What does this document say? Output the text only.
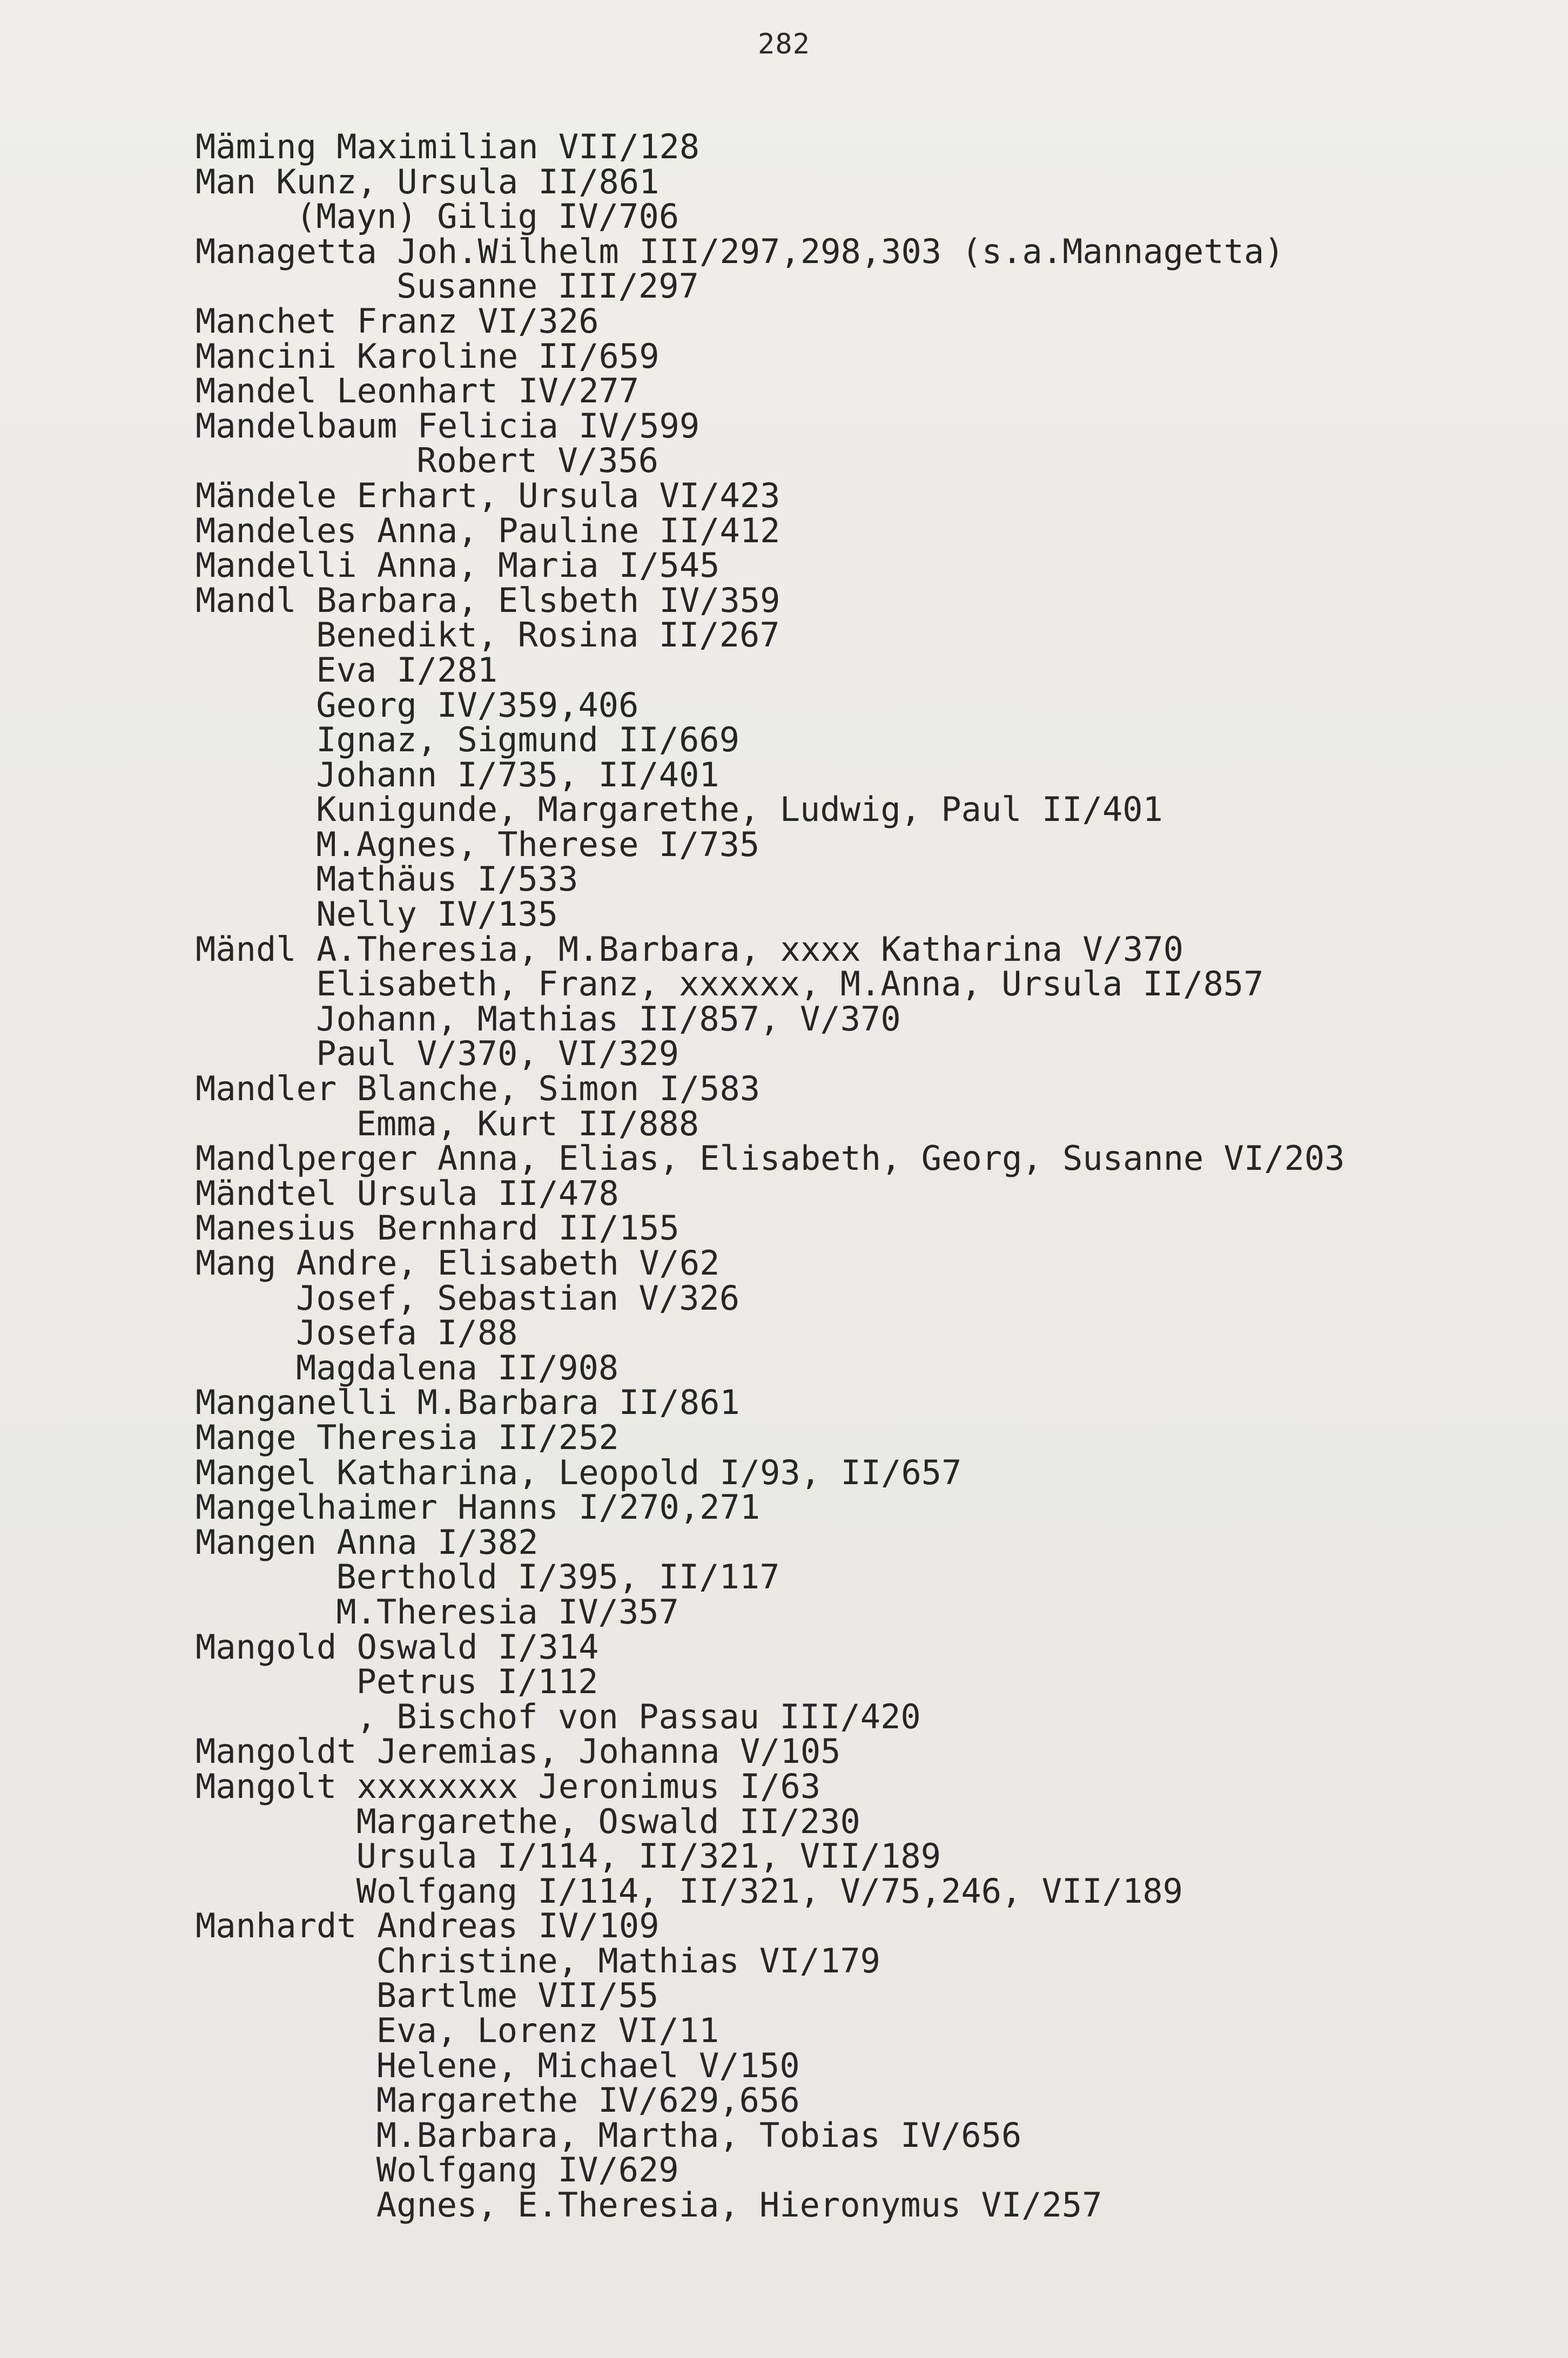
282
Mäming Maximilian VII/128
Man Kunz, Ursula II/861
(Mayn) Gilig IV/706
Managetta Joh.Wilhelm III/297,298,303 (s.a.Mannagetta)
Susanne III/297
Manchet Franz VI/326
Mancini Karoline II/659
Mandel Leonhart IV/277
Mandelbaum Felicia IV/599
Robert V/356
Mändele Erhart, Ursula VI/423
Mandeles Anna, Pauline II/412
Mandelli Anna, Maria I/545
Mandl Barbara, Elsbeth IV/359
Benedikt, Rosina II/267
Eva I/281
Georg IV/359,406
Ignaz, Sigmund II/669
Johann I/735, II/401
Kunigunde, Margarethe, Ludwig, Paul II/401
M.Agnes, Therese I/735
Mathäus I/533
Nelly IV/135
Mändl A.Theresia, M.Barbara, xxxx Katharina V/370
Elisabeth, Franz, xxxxxx, M.Anna, Ursula II/857
Johann, Mathias II/857, V/370
Paul V/370, VI/329
Mandler Blanche, Simon I/583
Emma, Kurt II/888
Mandlperger Anna, Elias, Elisabeth, Georg, Susanne VI/203
Mändtel Ursula II/478
Manesius Bernhard II/155
Mang Andre, Elisabeth V/62
Josef, Sebastian V/326
Josefa I/88
Magdalena II/908
Manganelli M.Barbara II/861
Mange Theresia II/252
Mangel Katharina, Leopold I/93, II/657
Mangelhaimer Hanns I/270,271
Mangen Anna I/382
Berthold I/395, II/117
M.Theresia IV/357
Mangold Oswald I/314
Petrus I/112
, Bischof von Passau III/420
Mangoldt Jeremias, Johanna V/105
Mangolt xxxxxxxx Jeronimus I/63
Margarethe, Oswald II/230
Ursula I/114, II/321, VII/189
Wolfgang I/114, II/321, V/75,246, VII/189
Manhardt Andreas IV/109
Christine, Mathias VI/179
Bartlme VII/55
Eva, Lorenz VI/11
Helene, Michael V/150
Margarethe IV/629,656
M.Barbara, Martha, Tobias IV/656
Wolfgang IV/629
Agnes, E.Theresia, Hieronymus VI/257
